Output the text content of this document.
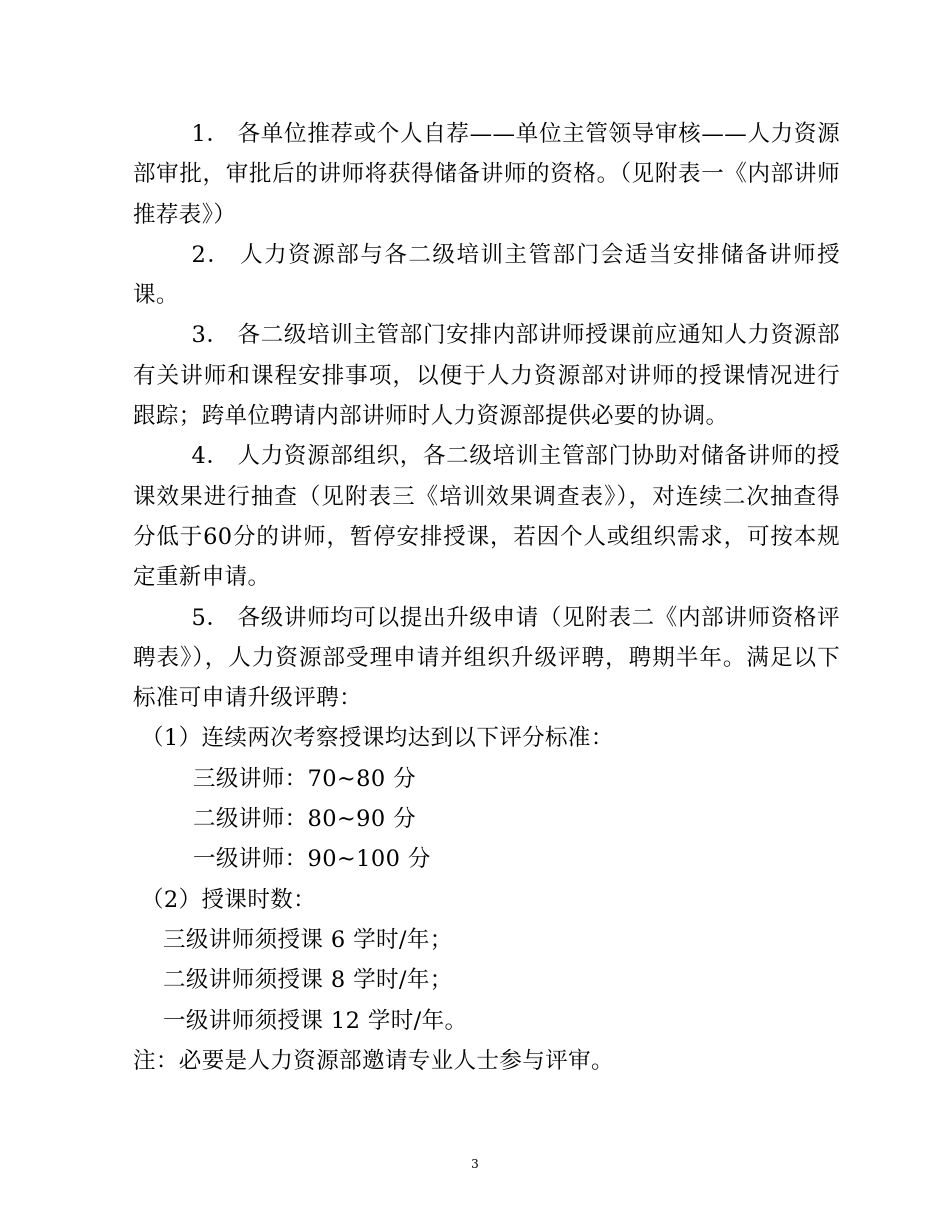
1． 各单位推荐或个人自荐——单位主管领导审核——人力资源部审批，审批后的讲师将获得储备讲师的资格。（见附表一《内部讲师推荐表》）

2． 人力资源部与各二级培训主管部门会适当安排储备讲师授课。

3． 各二级培训主管部门安排内部讲师授课前应通知人力资源部有关讲师和课程安排事项，以便于人力资源部对讲师的授课情况进行跟踪；跨单位聘请内部讲师时人力资源部提供必要的协调。

4． 人力资源部组织，各二级培训主管部门协助对储备讲师的授课效果进行抽查（见附表三《培训效果调查表》），对连续二次抽查得分低于60分的讲师，暂停安排授课，若因个人或组织需求，可按本规定重新申请。

5． 各级讲师均可以提出升级申请（见附表二《内部讲师资格评聘表》），人力资源部受理申请并组织升级评聘，聘期半年。满足以下标准可申请升级评聘：

（1）连续两次考察授课均达到以下评分标准：

三级讲师：70~80 分

二级讲师：80~90 分

一级讲师：90~100 分

（2）授课时数：

三级讲师须授课 6 学时/年；

二级讲师须授课 8 学时/年；

一级讲师须授课 12 学时/年。

注：必要是人力资源部邀请专业人士参与评审。

3
